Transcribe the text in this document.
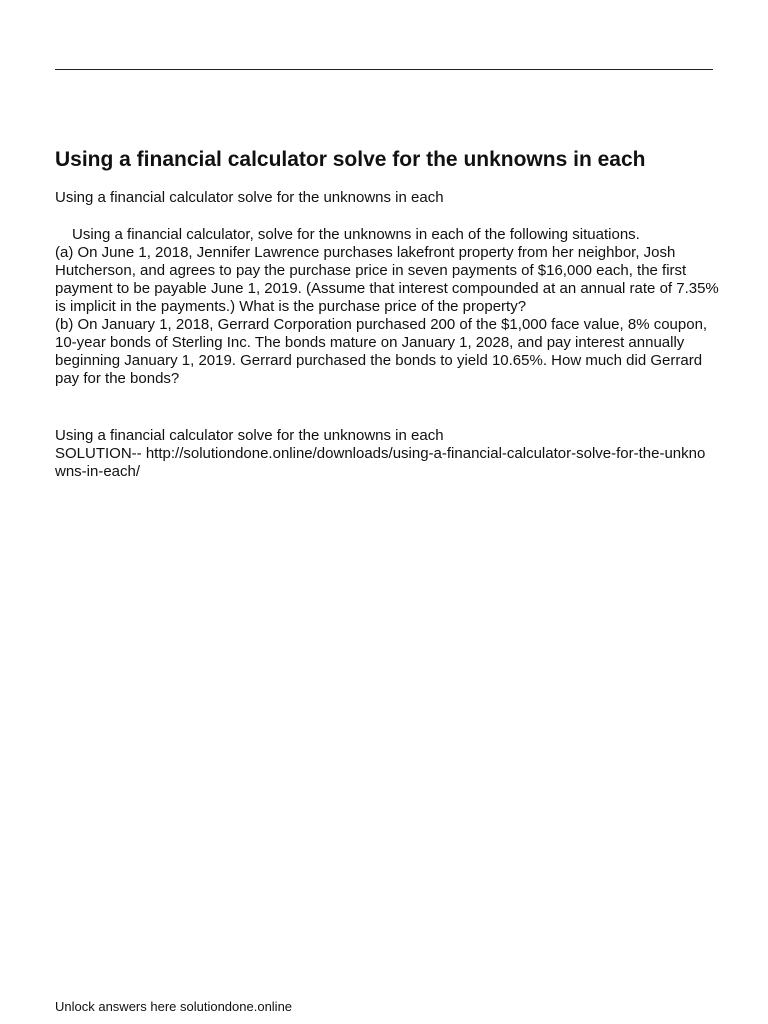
Using a financial calculator solve for the unknowns in each

Using a financial calculator solve for the unknowns in each

Using a financial calculator, solve for the unknowns in each of the following situations.

(a) On June 1, 2018, Jennifer Lawrence purchases lakefront property from her neighbor, Josh Hutcherson, and agrees to pay the purchase price in seven payments of $16,000 each, the first payment to be payable June 1, 2019. (Assume that interest compounded at an annual rate of 7.35% is implicit in the payments.) What is the purchase price of the property?

(b) On January 1, 2018, Gerrard Corporation purchased 200 of the $1,000 face value, 8% coupon, 10-year bonds of Sterling Inc. The bonds mature on January 1, 2028, and pay interest annually beginning January 1, 2019. Gerrard purchased the bonds to yield 10.65%. How much did Gerrard pay for the bonds?

Using a financial calculator solve for the unknowns in each

SOLUTION-- http://solutiondone.online/downloads/using-a-financial-calculator-solve-for-the-unknowns-in-each/

Unlock answers here solutiondone.online
